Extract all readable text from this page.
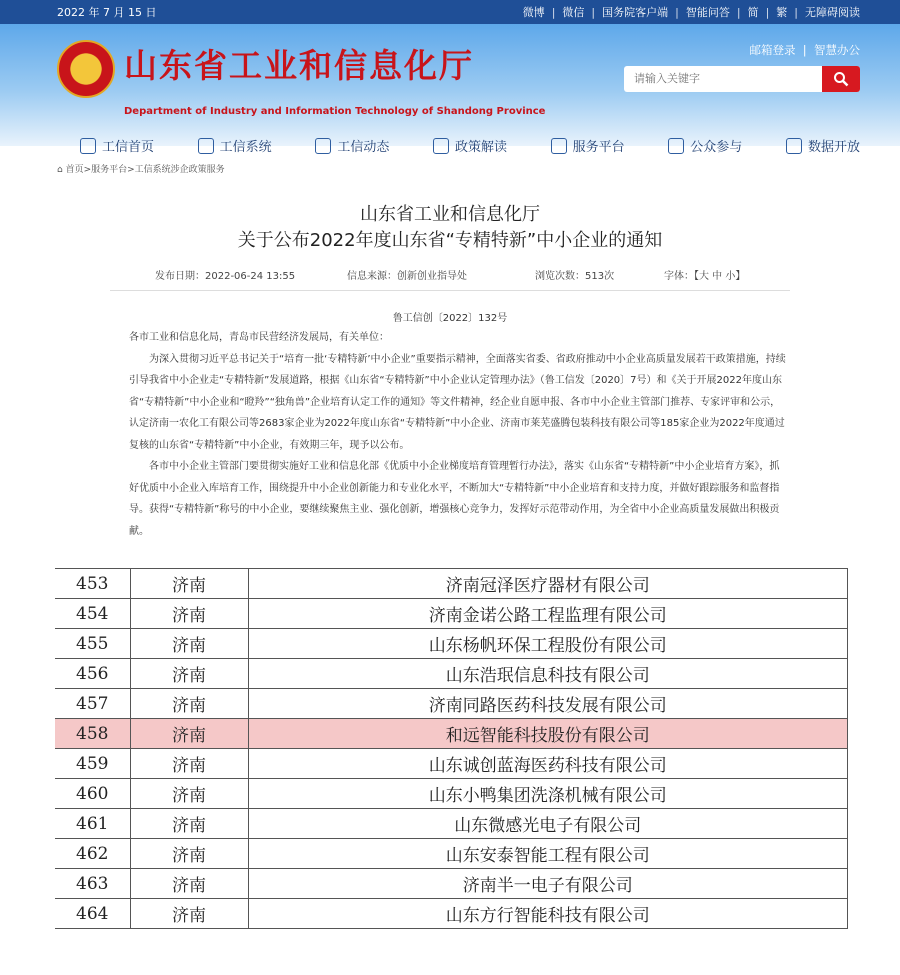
2022 年 7 月 15 日	微博 | 微信 | 国务院客户端 | 智能问答 | 简 | 繁 | 无障碍阅读
山东省工业和信息化厅
Department of Industry and Information Technology of Shandong Province
邮箱登录  |  智慧办公
请输入关键字
工信首页	工信系统	工信动态	政策解读	服务平台	公众参与	数据开放
⌂ 首页>服务平台>工信系统涉企政策服务
山东省工业和信息化厅
关于公布2022年度山东省“专精特新”中小企业的通知
发布日期：2022-06-24 13:55	信息来源：创新创业指导处	浏览次数：513次	字体：【大 中 小】
鲁工信创〔2022〕132号

各市工业和信息化局，青岛市民营经济发展局，有关单位：

为深入贯彻习近平总书记关于“培育一批‘专精特新’中小企业”重要指示精神，全面落实省委、省政府推动中小企业高质量发展若干政策措施，持续引导我省中小企业走“专精特新”发展道路，根据《山东省“专精特新”中小企业认定管理办法》（鲁工信发〔2020〕7号）和《关于开展2022年度山东省“专精特新”中小企业和“瞪羚”“独角兽”企业培育认定工作的通知》等文件精神，经企业自愿申报、各市中小企业主管部门推荐、专家评审和公示，认定济南一农化工有限公司等2683家企业为2022年度山东省“专精特新”中小企业、济南市莱芜盛腾包装科技有限公司等185家企业为2022年度通过复核的山东省“专精特新”中小企业，有效期三年，现予以公布。

各市中小企业主管部门要贯彻实施好工业和信息化部《优质中小企业梯度培育管理暂行办法》，落实《山东省“专精特新”中小企业培育方案》，抓好优质中小企业入库培育工作，围绕提升中小企业创新能力和专业化水平，不断加大“专精特新”中小企业培育和支持力度，并做好跟踪服务和监督指导。获得“专精特新”称号的中小企业，要继续聚焦主业、强化创新，增强核心竞争力，发挥好示范带动作用，为全省中小企业高质量发展做出积极贡献。

453	济南	济南冠泽医疗器材有限公司
454	济南	济南金诺公路工程监理有限公司
455	济南	山东杨帆环保工程股份有限公司
456	济南	山东浩珉信息科技有限公司
457	济南	济南同路医药科技发展有限公司
458	济南	和远智能科技股份有限公司
459	济南	山东诚创蓝海医药科技有限公司
460	济南	山东小鸭集团洗涤机械有限公司
461	济南	山东微感光电子有限公司
462	济南	山东安泰智能工程有限公司
463	济南	济南半一电子有限公司
464	济南	山东方行智能科技有限公司
